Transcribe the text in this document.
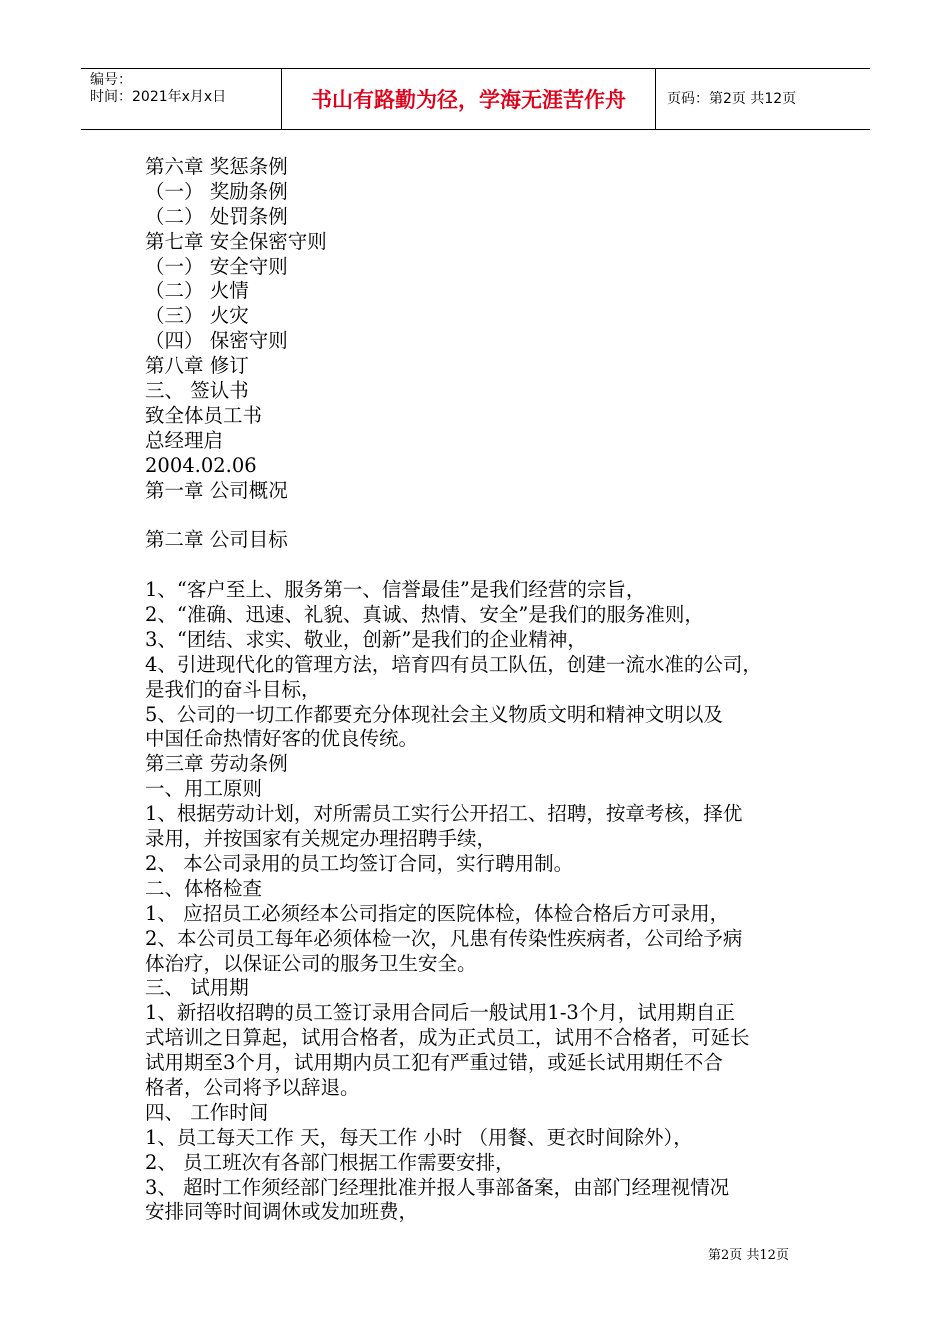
编号：
时间：2021年x月x日	书山有路勤为径，学海无涯苦作舟	页码：第2页 共12页
第六章 奖惩条例
（一） 奖励条例
（二） 处罚条例
第七章 安全保密守则
（一） 安全守则
（二） 火情
（三） 火灾
（四） 保密守则
第八章 修订
三、 签认书
致全体员工书
总经理启
2004.02.06
第一章 公司概况
第二章 公司目标
1、“客户至上、服务第一、信誉最佳”是我们经营的宗旨，
2、“准确、迅速、礼貌、真诚、热情、安全”是我们的服务准则，
3、“团结、求实、敬业，创新”是我们的企业精神，
4、引进现代化的管理方法，培育四有员工队伍，创建一流水准的公司，
是我们的奋斗目标，
5、公司的一切工作都要充分体现社会主义物质文明和精神文明以及
中国任命热情好客的优良传统。
第三章 劳动条例
一、用工原则
1、根据劳动计划，对所需员工实行公开招工、招聘，按章考核，择优
录用，并按国家有关规定办理招聘手续，
2、 本公司录用的员工均签订合同，实行聘用制。
二、体格检查
1、 应招员工必须经本公司指定的医院体检，体检合格后方可录用，
2、本公司员工每年必须体检一次，凡患有传染性疾病者，公司给予病
体治疗，以保证公司的服务卫生安全。
三、 试用期
1、新招收招聘的员工签订录用合同后一般试用1-3个月，试用期自正
式培训之日算起，试用合格者，成为正式员工，试用不合格者，可延长
试用期至3个月，试用期内员工犯有严重过错，或延长试用期任不合
格者，公司将予以辞退。
四、 工作时间
1、员工每天工作 天，每天工作 小时 （用餐、更衣时间除外），
2、 员工班次有各部门根据工作需要安排，
3、 超时工作须经部门经理批准并报人事部备案，由部门经理视情况
安排同等时间调休或发加班费，
第2页 共12页
